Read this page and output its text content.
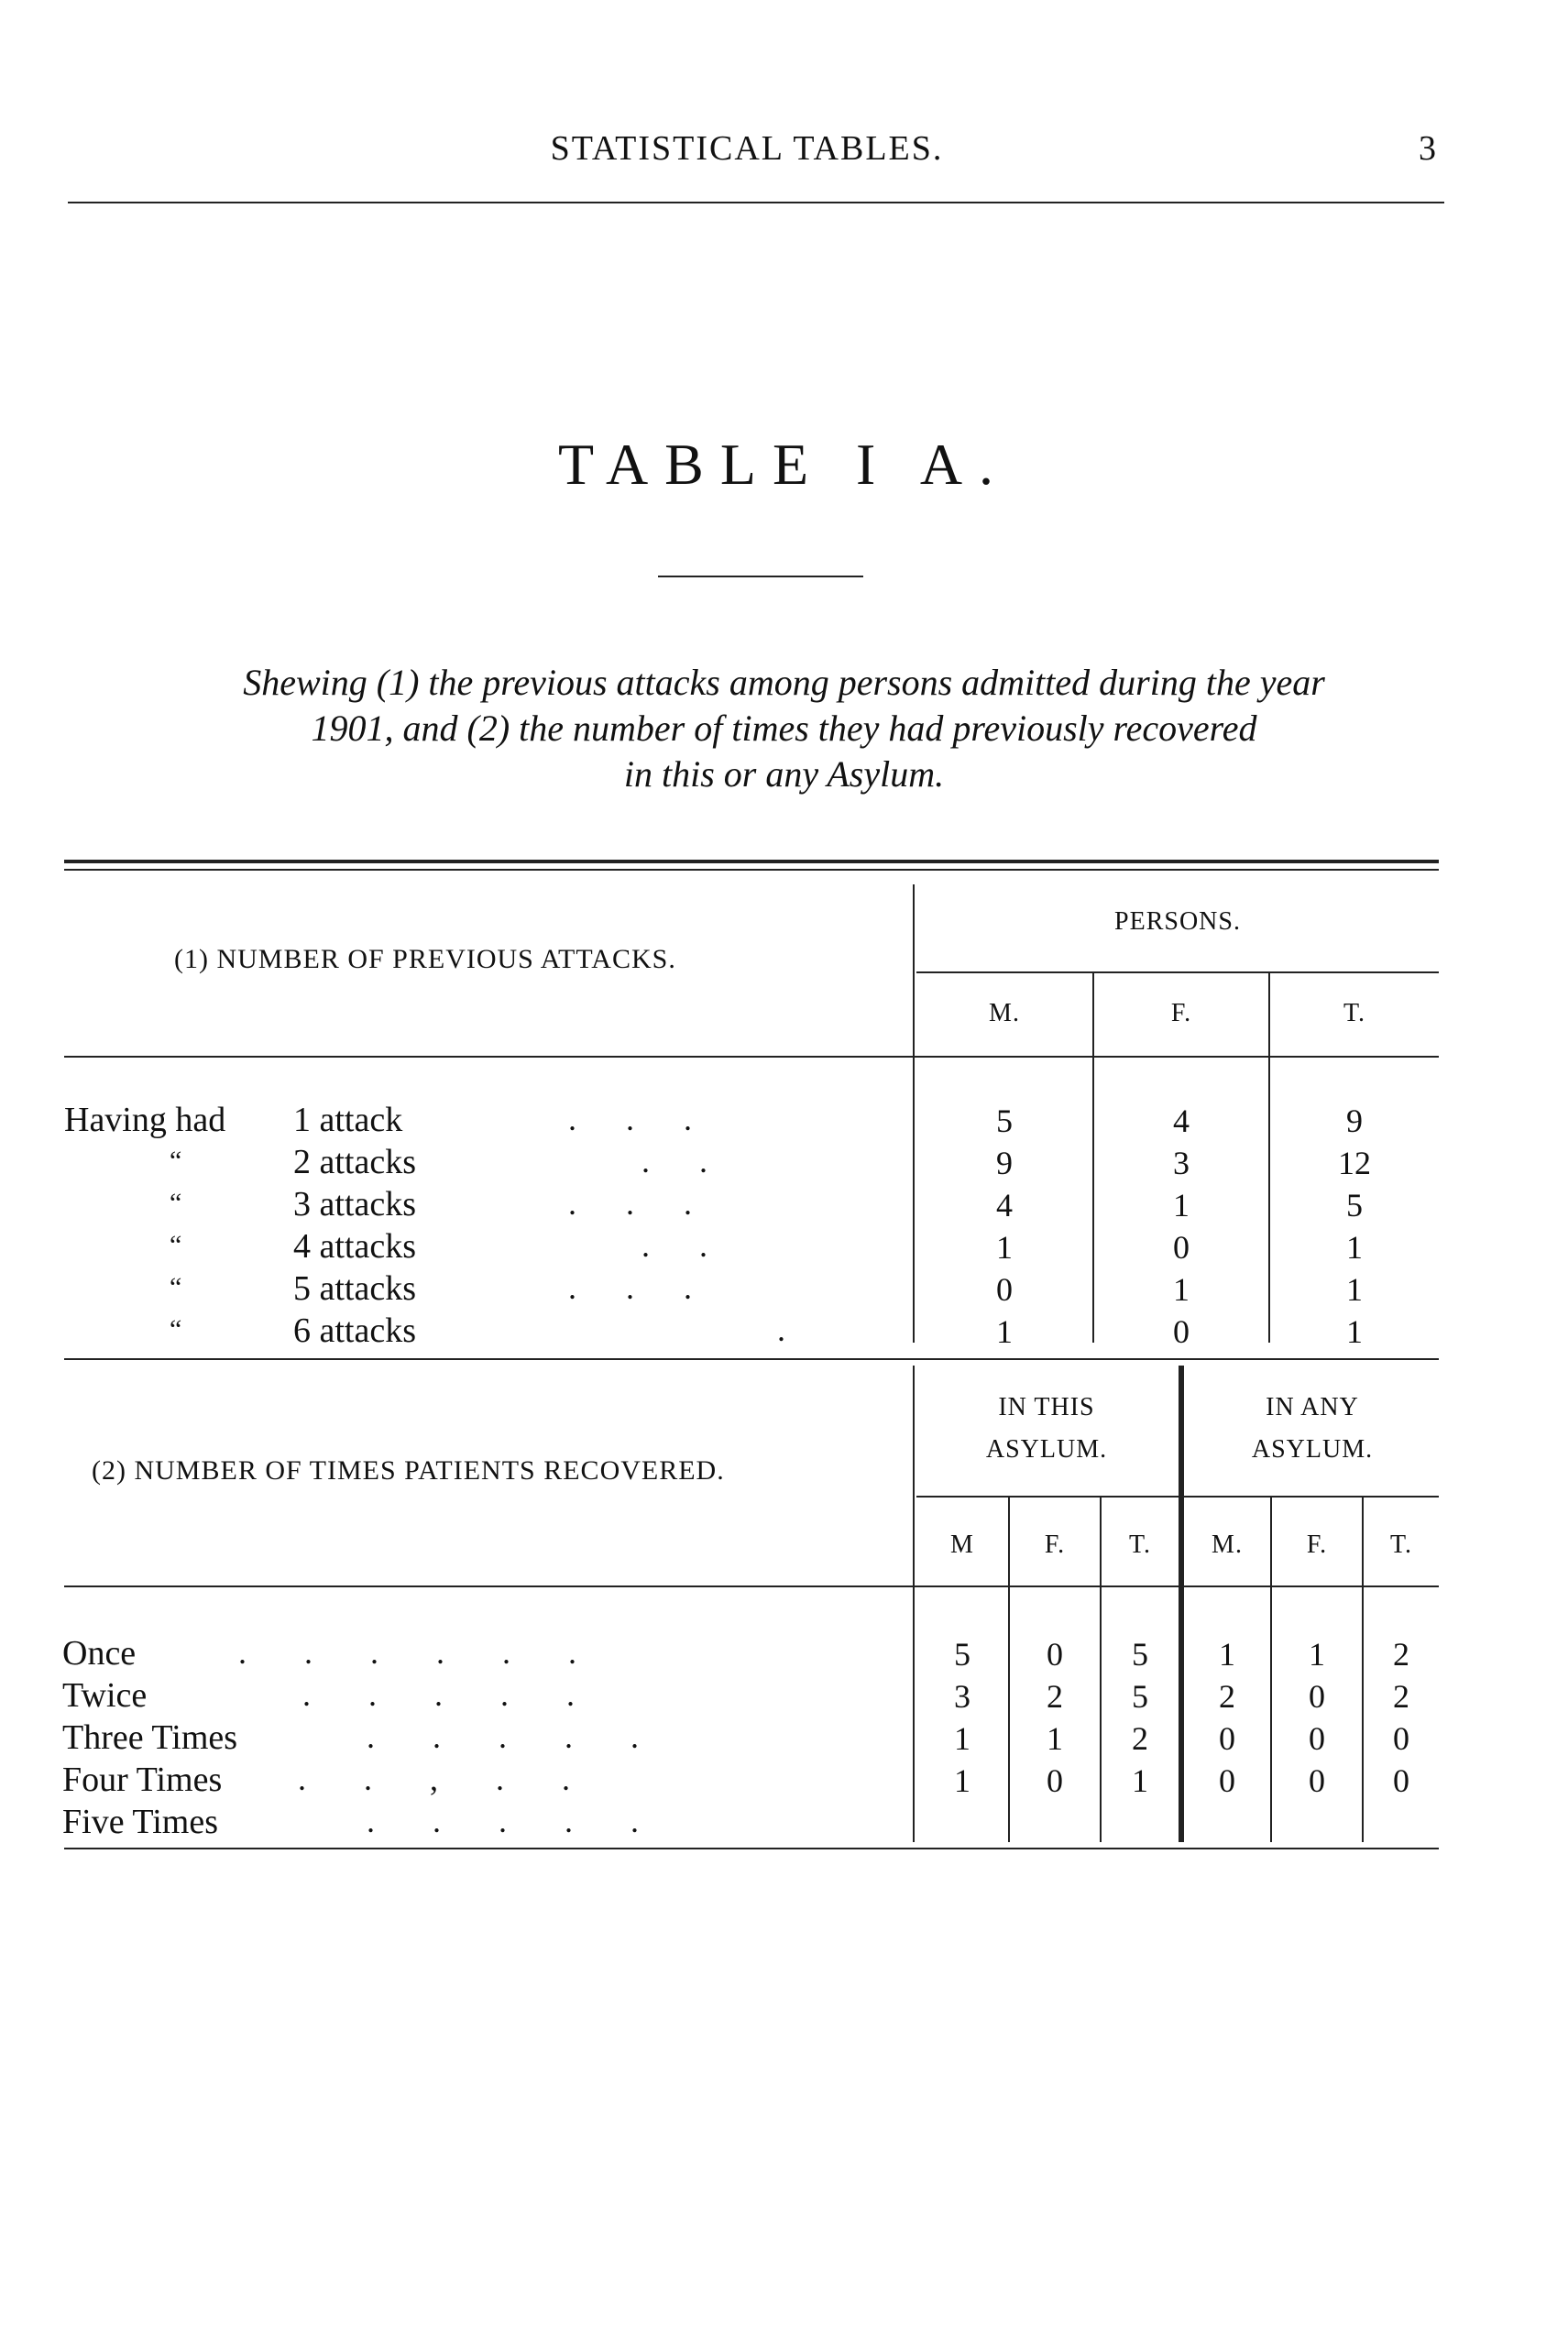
STATISTICAL TABLES.	3
TABLE I A.
Shewing (1) the previous attacks among persons admitted during the year
1901, and (2) the number of times they had previously recovered
in this or any Asylum.
(1) NUMBER OF PREVIOUS ATTACKS.
PERSONS.
M.	F.	T.
Having had 1 attack	.      .      .	5	4	9
“	2 attacks	.      .	9	3	12
“	3 attacks	.      .      .	4	1	5
“	4 attacks	.      .	1	0	1
“	5 attacks	.      .      .	0	1	1
“	6 attacks	.	1	0	1
(2) NUMBER OF TIMES PATIENTS RECOVERED.
IN THIS
ASYLUM.
IN ANY
ASYLUM.
M	F.	T.	M.	F.	T.
Once	.       .       .       .       .       .	5	0	5	1	1	2
Twice	.       .       .       .       .	3	2	5	2	0	2
Three Times	.       .       .       .       .	1	1	2	0	0	0
Four Times .       .       ,       .       .	1	0	1	0	0	0
Five Times	.       .       .       .       .
